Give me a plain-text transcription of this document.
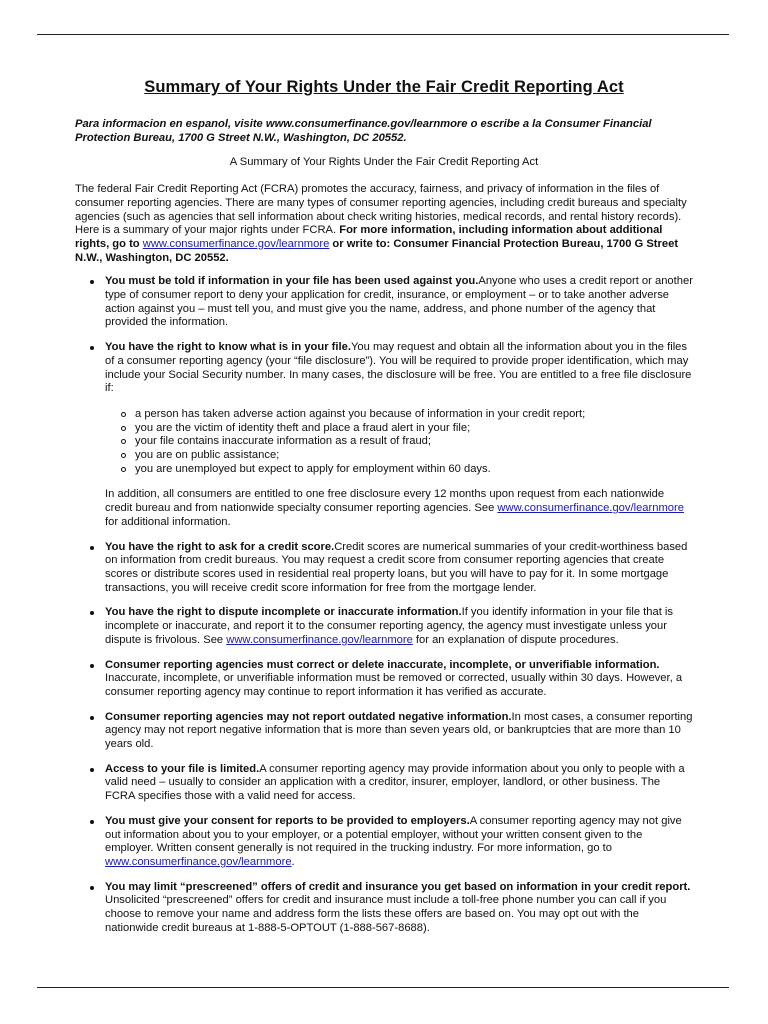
Summary of Your Rights Under the Fair Credit Reporting Act

Para informacion en espanol, visite www.consumerfinance.gov/learnmore o escribe a la Consumer Financial Protection Bureau, 1700 G Street N.W., Washington, DC 20552.

A Summary of Your Rights Under the Fair Credit Reporting Act

The federal Fair Credit Reporting Act (FCRA) promotes the accuracy, fairness, and privacy of information in the files of consumer reporting agencies. There are many types of consumer reporting agencies, including credit bureaus and specialty agencies (such as agencies that sell information about check writing histories, medical records, and rental history records). Here is a summary of your major rights under FCRA. For more information, including information about additional rights, go to www.consumerfinance.gov/learnmore or write to: Consumer Financial Protection Bureau, 1700 G Street N.W., Washington, DC 20552.

You must be told if information in your file has been used against you.Anyone who uses a credit report or another type of consumer report to deny your application for credit, insurance, or employment – or to take another adverse action against you – must tell you, and must give you the name, address, and phone number of the agency that provided the information.
You have the right to know what is in your file.You may request and obtain all the information about you in the files of a consumer reporting agency (your “file disclosure”). You will be required to provide proper identification, which may include your Social Security number. In many cases, the disclosure will be free. You are entitled to a free file disclosure if:
a person has taken adverse action against you because of information in your credit report;
you are the victim of identity theft and place a fraud alert in your file;
your file contains inaccurate information as a result of fraud;
you are on public assistance;
you are unemployed but expect to apply for employment within 60 days.

In addition, all consumers are entitled to one free disclosure every 12 months upon request from each nationwide credit bureau and from nationwide specialty consumer reporting agencies. See www.consumerfinance.gov/learnmore for additional information.

You have the right to ask for a credit score.Credit scores are numerical summaries of your credit-worthiness based on information from credit bureaus. You may request a credit score from consumer reporting agencies that create scores or distribute scores used in residential real property loans, but you will have to pay for it. In some mortgage transactions, you will receive credit score information for free from the mortgage lender.
You have the right to dispute incomplete or inaccurate information.If you identify information in your file that is incomplete or inaccurate, and report it to the consumer reporting agency, the agency must investigate unless your dispute is frivolous. See www.consumerfinance.gov/learnmore for an explanation of dispute procedures.
Consumer reporting agencies must correct or delete inaccurate, incomplete, or unverifiable information. Inaccurate, incomplete, or unverifiable information must be removed or corrected, usually within 30 days. However, a consumer reporting agency may continue to report information it has verified as accurate.
Consumer reporting agencies may not report outdated negative information.In most cases, a consumer reporting agency may not report negative information that is more than seven years old, or bankruptcies that are more than 10 years old.
Access to your file is limited.A consumer reporting agency may provide information about you only to people with a valid need – usually to consider an application with a creditor, insurer, employer, landlord, or other business. The FCRA specifies those with a valid need for access.
You must give your consent for reports to be provided to employers.A consumer reporting agency may not give out information about you to your employer, or a potential employer, without your written consent given to the employer. Written consent generally is not required in the trucking industry. For more information, go to www.consumerfinance.gov/learnmore.
You may limit “prescreened” offers of credit and insurance you get based on information in your credit report. Unsolicited “prescreened” offers for credit and insurance must include a toll-free phone number you can call if you choose to remove your name and address form the lists these offers are based on. You may opt out with the nationwide credit bureaus at 1-888-5-OPTOUT (1-888-567-8688).
